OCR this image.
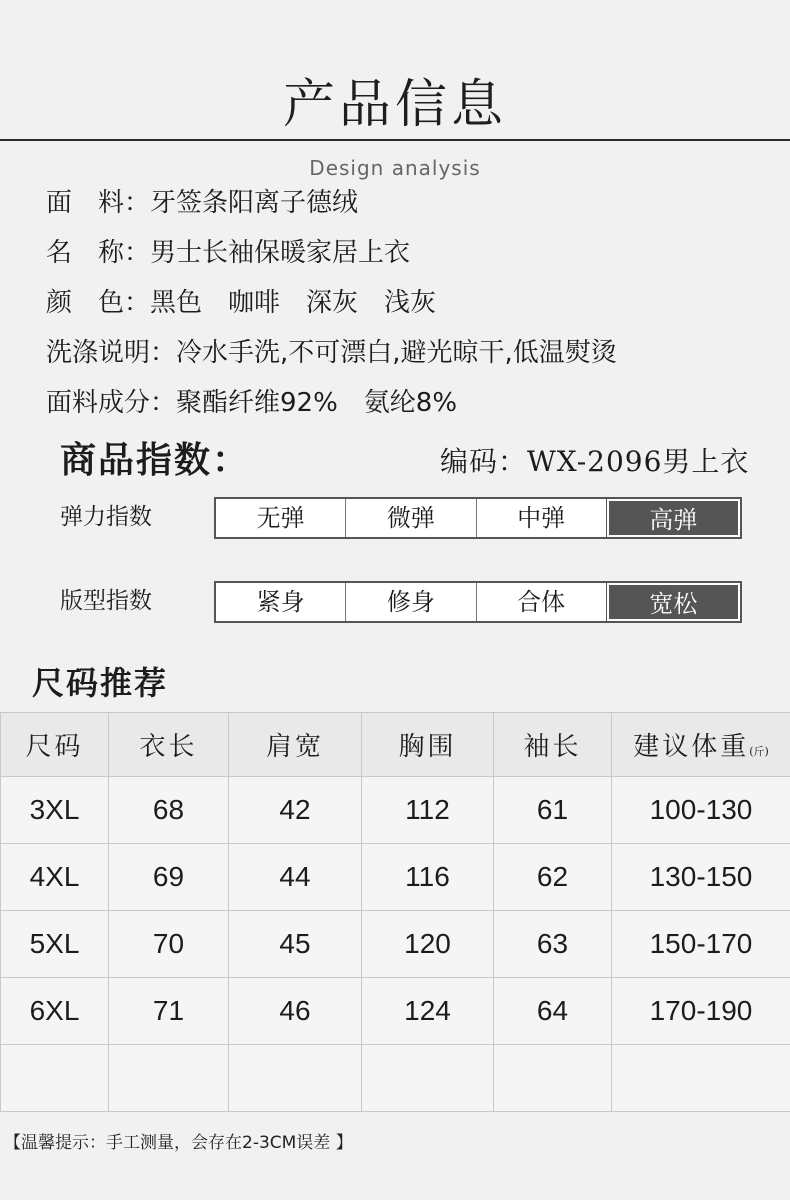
产品信息
Design analysis
面　料： 牙签条阳离子德绒
名　称： 男士长袖保暖家居上衣
颜　色： 黑色　咖啡　深灰　浅灰
洗涤说明： 冷水手洗,不可漂白,避光晾干,低温熨烫
面料成分： 聚酯纤维92%　氨纶8%
商品指数：	编码：WX-2096男上衣
弹力指数	无弹	微弹	中弹	高弹
版型指数	紧身	修身	合体	宽松
尺码推荐
尺码	衣长	肩宽	胸围	袖长	建议体重(斤)
3XL	68	42	112	61	100-130
4XL	69	44	116	62	130-150
5XL	70	45	120	63	150-170
6XL	71	46	124	64	170-190

【温馨提示：手工测量，会存在2-3CM误差 】
